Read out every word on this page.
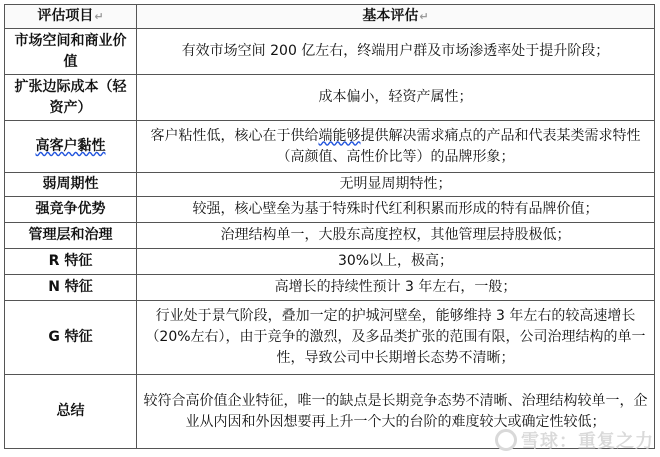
评估项目↵	基本评估↵
市场空间和商业价值	有效市场空间 200 亿左右，终端用户群及市场渗透率处于提升阶段；
扩张边际成本（轻资产）	成本偏小，轻资产属性；
高客户黏性	客户粘性低，核心在于供给端能够提供解决需求痛点的产品和代表某类需求特性（高颜值、高性价比等）的品牌形象；
弱周期性	无明显周期特性；
强竞争优势	较强，核心壁垒为基于特殊时代红利积累而形成的特有品牌价值；
管理层和治理	治理结构单一，大股东高度控权，其他管理层持股极低；
R 特征	30%以上，极高；
N 特征	高增长的持续性预计 3 年左右，一般；
G 特征	行业处于景气阶段，叠加一定的护城河壁垒，能够维持 3 年左右的较高速增长（20%左右），由于竞争的激烈，及多品类扩张的范围有限，公司治理结构的单一性，导致公司中长期增长态势不清晰；
总结	较符合高价值企业特征，唯一的缺点是长期竞争态势不清晰、治理结构较单一，企业从内因和外因想要再上升一个大的台阶的难度较大或确定性较低；
雪球：重复之力
